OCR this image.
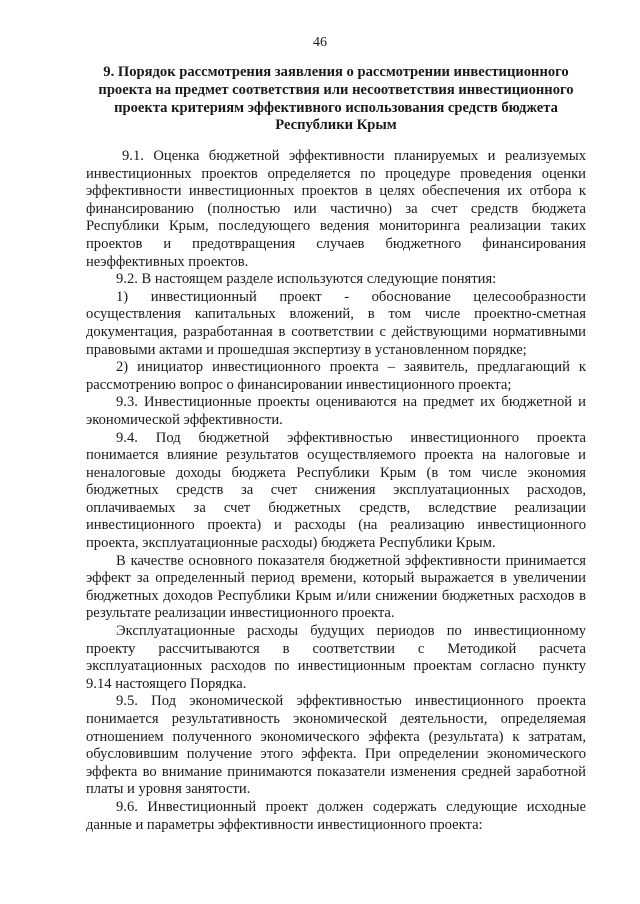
46
9. Порядок рассмотрения заявления о рассмотрении инвестиционного проекта на предмет соответствия или несоответствия инвестиционного проекта критериям эффективного использования средств бюджета Республики Крым

9.1. Оценка бюджетной эффективности планируемых и реализуемых инвестиционных проектов определяется по процедуре проведения оценки эффективности инвестиционных проектов в целях обеспечения их отбора к финансированию (полностью или частично) за счет средств бюджета Республики Крым, последующего ведения мониторинга реализации таких проектов и предотвращения случаев бюджетного финансирования неэффективных проектов.

9.2. В настоящем разделе используются следующие понятия:

1) инвестиционный проект - обоснование целесообразности осуществления капитальных вложений, в том числе проектно-сметная документация, разработанная в соответствии с действующими нормативными правовыми актами и прошедшая экспертизу в установленном порядке;

2) инициатор инвестиционного проекта – заявитель, предлагающий к рассмотрению вопрос о финансировании инвестиционного проекта;

9.3. Инвестиционные проекты оцениваются на предмет их бюджетной и экономической эффективности.

9.4. Под бюджетной эффективностью инвестиционного проекта понимается влияние результатов осуществляемого проекта на налоговые и неналоговые доходы бюджета Республики Крым (в том числе экономия бюджетных средств за счет снижения эксплуатационных расходов, оплачиваемых за счет бюджетных средств, вследствие реализации инвестиционного проекта) и расходы (на реализацию инвестиционного проекта, эксплуатационные расходы) бюджета Республики Крым.

В качестве основного показателя бюджетной эффективности принимается эффект за определенный период времени, который выражается в увеличении бюджетных доходов Республики Крым и/или снижении бюджетных расходов в результате реализации инвестиционного проекта.

Эксплуатационные расходы будущих периодов по инвестиционному проекту рассчитываются в соответствии с Методикой расчета эксплуатационных расходов по инвестиционным проектам согласно пункту 9.14 настоящего Порядка.

9.5. Под экономической эффективностью инвестиционного проекта понимается результативность экономической деятельности, определяемая отношением полученного экономического эффекта (результата) к затратам, обусловившим получение этого эффекта. При определении экономического эффекта во внимание принимаются показатели изменения средней заработной платы и уровня занятости.

9.6. Инвестиционный проект должен содержать следующие исходные данные и параметры эффективности инвестиционного проекта:
